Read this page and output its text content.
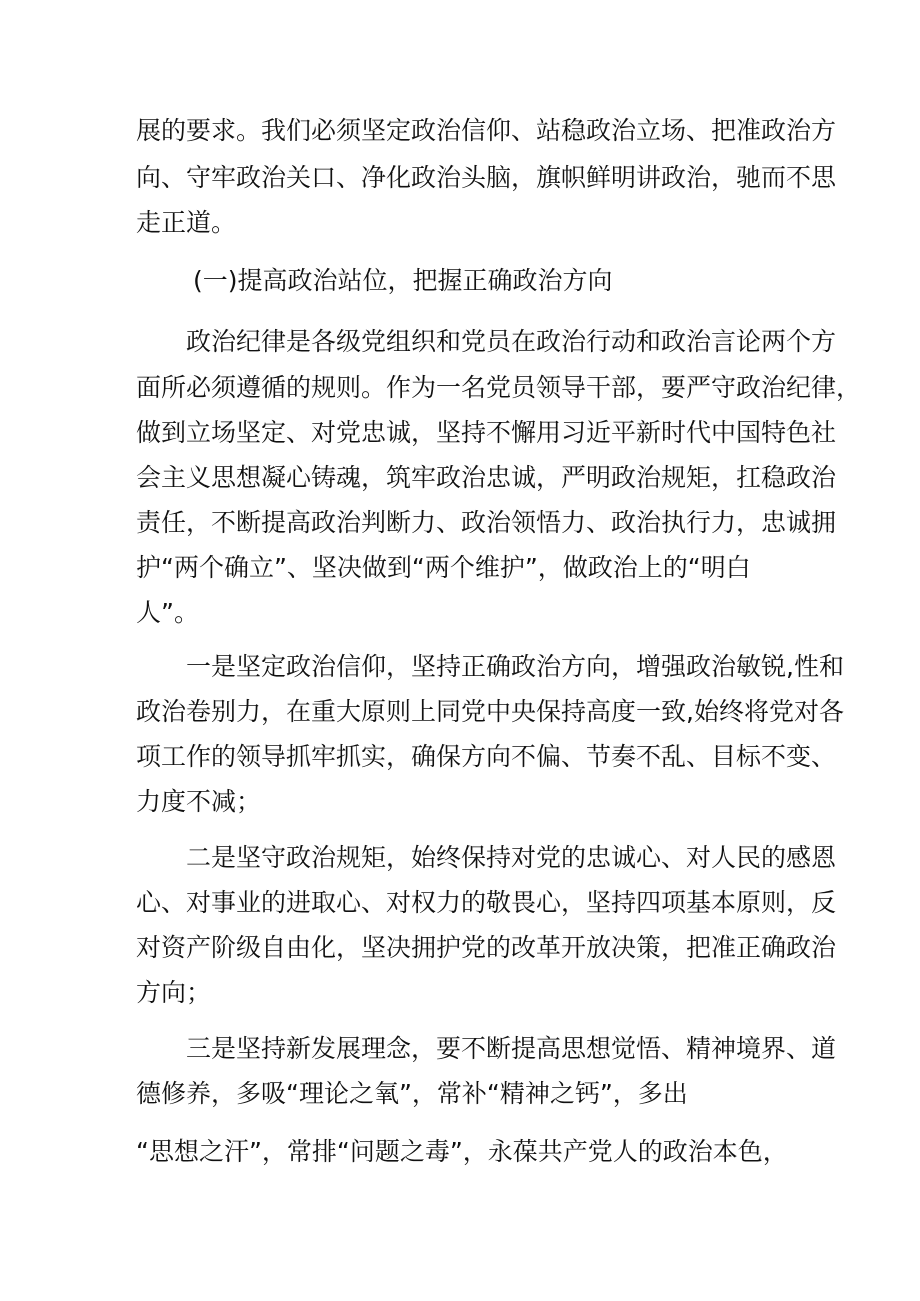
展的要求。我们必须坚定政治信仰、站稳政治立场、把准政治方
向、守牢政治关口、净化政治头脑，旗帜鲜明讲政治，驰而不思
走正道。
(一)提高政治站位，把握正确政治方向
政治纪律是各级党组织和党员在政治行动和政治言论两个方
面所必须遵循的规则。作为一名党员领导干部，要严守政治纪律，
做到立场坚定、对党忠诚，坚持不懈用习近平新时代中国特色社
会主义思想凝心铸魂，筑牢政治忠诚，严明政治规矩，扛稳政治
责任，不断提高政治判断力、政治领悟力、政治执行力，忠诚拥
护“两个确立”、坚决做到“两个维护”，做政治上的“明白
人”。
一是坚定政治信仰，坚持正确政治方向，增强政治敏锐,性和
政治卷别力，在重大原则上同党中央保持高度一致,始终将党对各
项工作的领导抓牢抓实，确保方向不偏、节奏不乱、目标不变、
力度不减；
二是坚守政治规矩，始终保持对党的忠诚心、对人民的感恩
心、对事业的进取心、对权力的敬畏心，坚持四项基本原则，反
对资产阶级自由化，坚决拥护党的改革开放决策，把准正确政治
方向；
三是坚持新发展理念，要不断提高思想觉悟、精神境界、道
德修养，多吸“理论之氧”，常补“精神之钙”，多出
“思想之汗”，常排“问题之毒”，永葆共产党人的政治本色，
